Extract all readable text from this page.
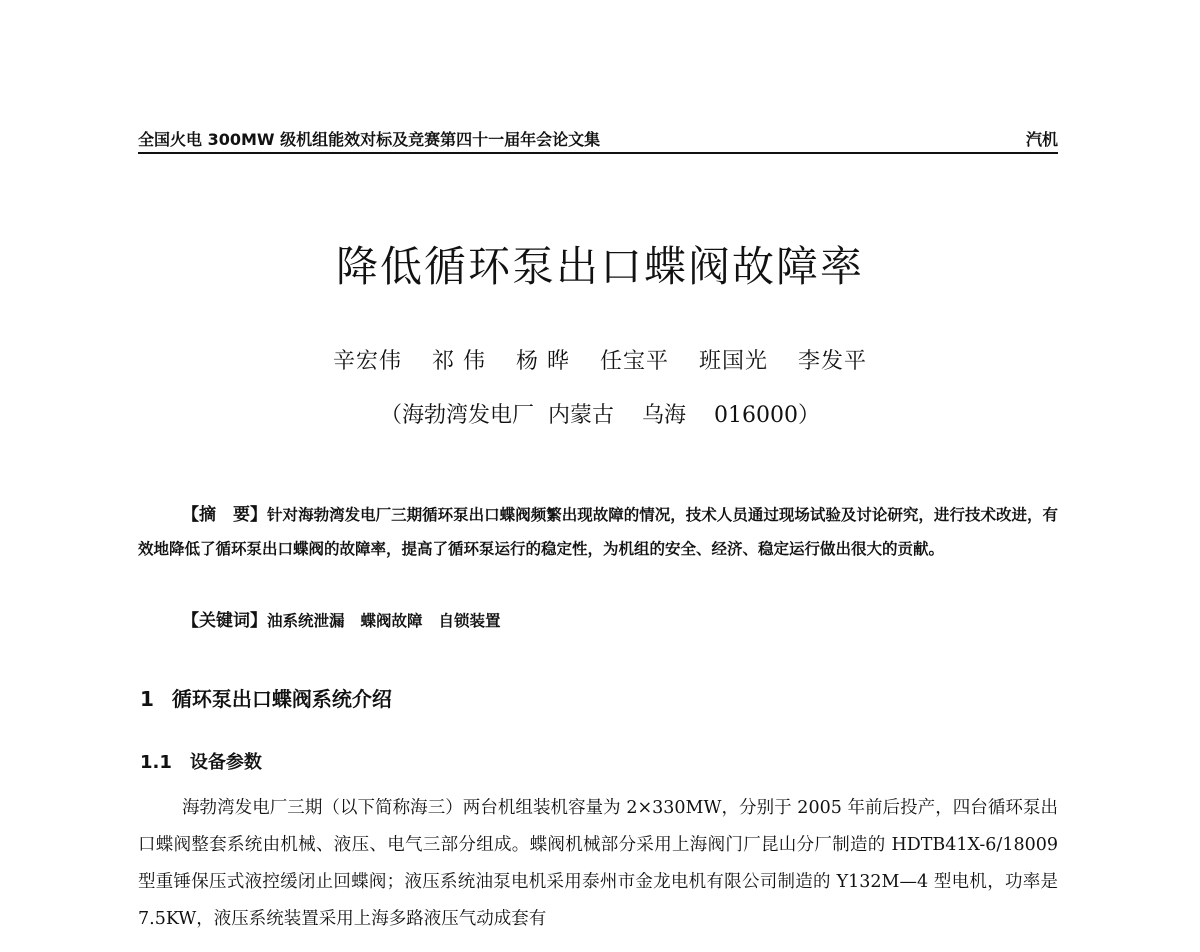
全国火电 300MW 级机组能效对标及竞赛第四十一届年会论文集	汽机
降低循环泵出口蝶阀故障率
辛宏伟 祁 伟 杨 晔 任宝平 班国光 李发平
（海勃湾发电厂 内蒙古 乌海 016000）

【摘　要】针对海勃湾发电厂三期循环泵出口蝶阀频繁出现故障的情况，技术人员通过现场试验及讨论研究，进行技术改进，有效地降低了循环泵出口蝶阀的故障率，提高了循环泵运行的稳定性，为机组的安全、经济、稳定运行做出很大的贡献。

【关键词】油系统泄漏 蝶阀故障 自锁装置
1 循环泵出口蝶阀系统介绍
1.1 设备参数

海勃湾发电厂三期（以下简称海三）两台机组装机容量为 2×330MW，分别于 2005 年前后投产，四台循环泵出口蝶阀整套系统由机械、液压、电气三部分组成。蝶阀机械部分采用上海阀门厂昆山分厂制造的 HDTB41X-6/18009 型重锤保压式液控缓闭止回蝶阀；液压系统油泵电机采用泰州市金龙电机有限公司制造的 Y132M—4 型电机，功率是 7.5KW，液压系统装置采用上海多路液压气动成套有
